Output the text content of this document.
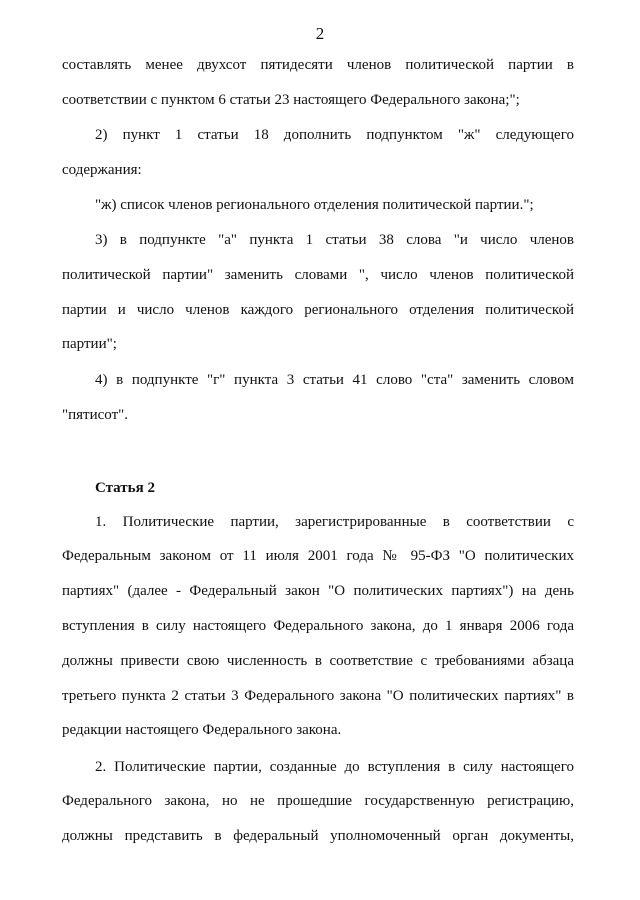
2
составлять менее двухсот пятидесяти членов политической партии в
соответствии с пунктом 6 статьи 23 настоящего Федерального закона;";
2) пункт 1 статьи 18 дополнить подпунктом "ж" следующего
содержания:
"ж) список членов регионального отделения политической партии.";
3) в подпункте "а" пункта 1 статьи 38 слова "и число членов
политической партии" заменить словами ", число членов политической
партии и число членов каждого регионального отделения политической
партии";
4) в подпункте "г" пункта 3 статьи 41 слово "ста" заменить словом
"пятисот".
Статья 2
1. Политические партии, зарегистрированные в соответствии с
Федеральным законом от 11 июля 2001 года № 95-ФЗ "О политических
партиях" (далее - Федеральный закон "О политических партиях") на день
вступления в силу настоящего Федерального закона, до 1 января 2006 года
должны привести свою численность в соответствие с требованиями абзаца
третьего пункта 2 статьи 3 Федерального закона "О политических партиях" в
редакции настоящего Федерального закона.
2. Политические партии, созданные до вступления в силу настоящего
Федерального закона, но не прошедшие государственную регистрацию,
должны представить в федеральный уполномоченный орган документы,
